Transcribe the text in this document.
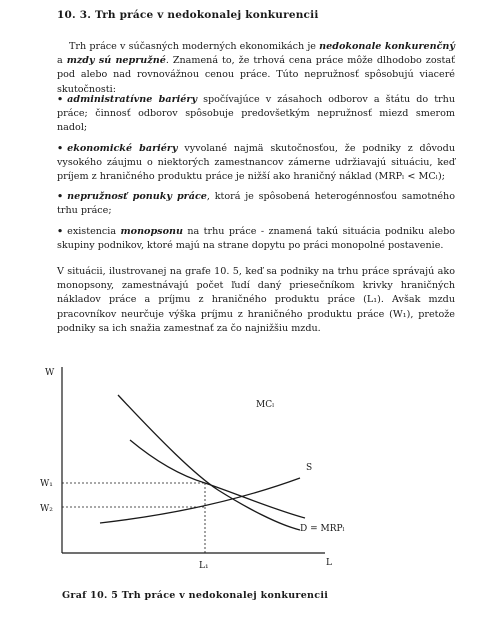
10. 3. Trh práce v nedokonalej konkurencii
Trh práce v súčasných moderných ekonomikách je nedokonale konkurenčný a mzdy sú nepružné. Znamená to, že trhová cena práce môže dlhodobo zostať pod alebo nad rovnovážnou cenou práce. Túto nepružnosť spôsobujú viaceré skutočnosti:
• administratívne bariéry spočívajúce v zásahoch odborov a štátu do trhu práce; činnosť odborov spôsobuje predovšetkým nepružnosť miezd smerom nadol;
• ekonomické bariéry vyvolané najmä skutočnosťou, že podniky z dôvodu vysokého záujmu o niektorých zamestnancov zámerne udržiavajú situáciu, keď príjem z hraničného produktu práce je nižší ako hraničný náklad (MRPₗ < MCₗ);
• nepružnosť ponuky práce, ktorá je spôsobená heterogénnosťou samotného trhu práce;
• existencia monopsonu na trhu práce - znamená takú situácia podniku alebo skupiny podnikov, ktoré majú na strane dopytu po práci monopolné postavenie.
V situácii, ilustrovanej na grafe 10. 5, keď sa podniky na trhu práce správajú ako monopsony, zamestnávajú počet ľudí daný priesečníkom krivky hraničných nákladov práce a príjmu z hraničného produktu práce (L₁). Avšak mzdu pracovníkov neurčuje výška príjmu z hraničného produktu práce (W₁), pretože podniky sa ich snažia zamestnať za čo najnižšiu mzdu.
W
L
W₁
W₂
L₁
MCₗ
S
D = MRPₗ
Graf 10. 5 Trh práce v nedokonalej konkurencii
